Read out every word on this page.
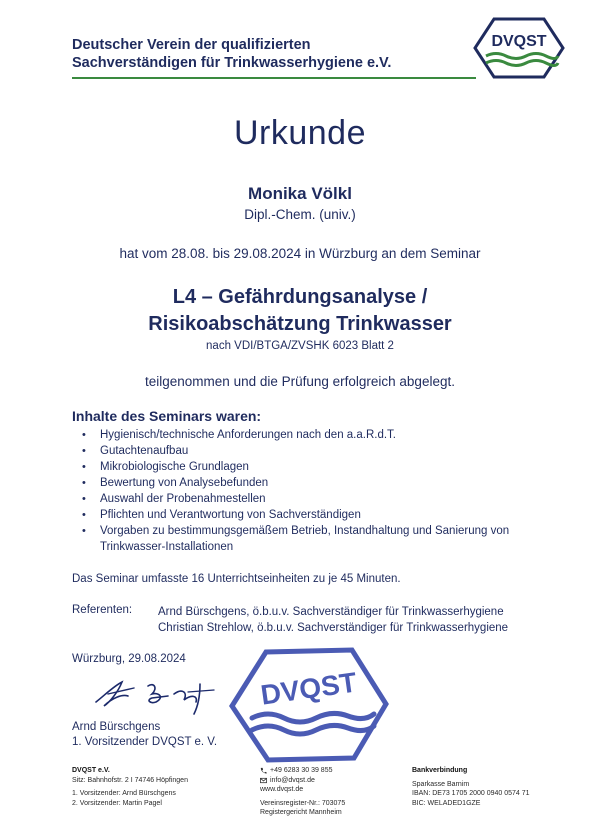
Deutscher Verein der qualifizierten
Sachverständigen für Trinkwasserhygiene e.V.
DVQST
Urkunde
Monika Völkl
Dipl.-Chem. (univ.)
hat vom 28.08. bis 29.08.2024 in Würzburg an dem Seminar
L4 – Gefährdungsanalyse /
Risikoabschätzung Trinkwasser
nach VDI/BTGA/ZVSHK 6023 Blatt 2
teilgenommen und die Prüfung erfolgreich abgelegt.
Inhalte des Seminars waren:
• Hygienisch/technische Anforderungen nach den a.a.R.d.T.
• Gutachtenaufbau
• Mikrobiologische Grundlagen
• Bewertung von Analysebefunden
• Auswahl der Probenahmestellen
• Pflichten und Verantwortung von Sachverständigen
• Vorgaben zu bestimmungsgemäßem Betrieb, Instandhaltung und Sanierung von Trinkwasser-Installationen
Das Seminar umfasste 16 Unterrichtseinheiten zu je 45 Minuten.
Referenten: Arnd Bürschgens, ö.b.u.v. Sachverständiger für Trinkwasserhygiene
Christian Strehlow, ö.b.u.v. Sachverständiger für Trinkwasserhygiene
Würzburg, 29.08.2024
Arnd Bürschgens
1. Vorsitzender DVQST e. V.
DVQST
DVQST e.V.
Sitz: Bahnhofstr. 2 I 74746 Höpfingen
1. Vorsitzender: Arnd Bürschgens
2. Vorsitzender: Martin Pagel
+49 6283 30 39 855
info@dvqst.de
www.dvqst.de
Vereinsregister-Nr.: 703075
Registergericht Mannheim
Bankverbindung
Sparkasse Barnim
IBAN: DE73 1705 2000 0940 0574 71
BIC: WELADED1GZE
